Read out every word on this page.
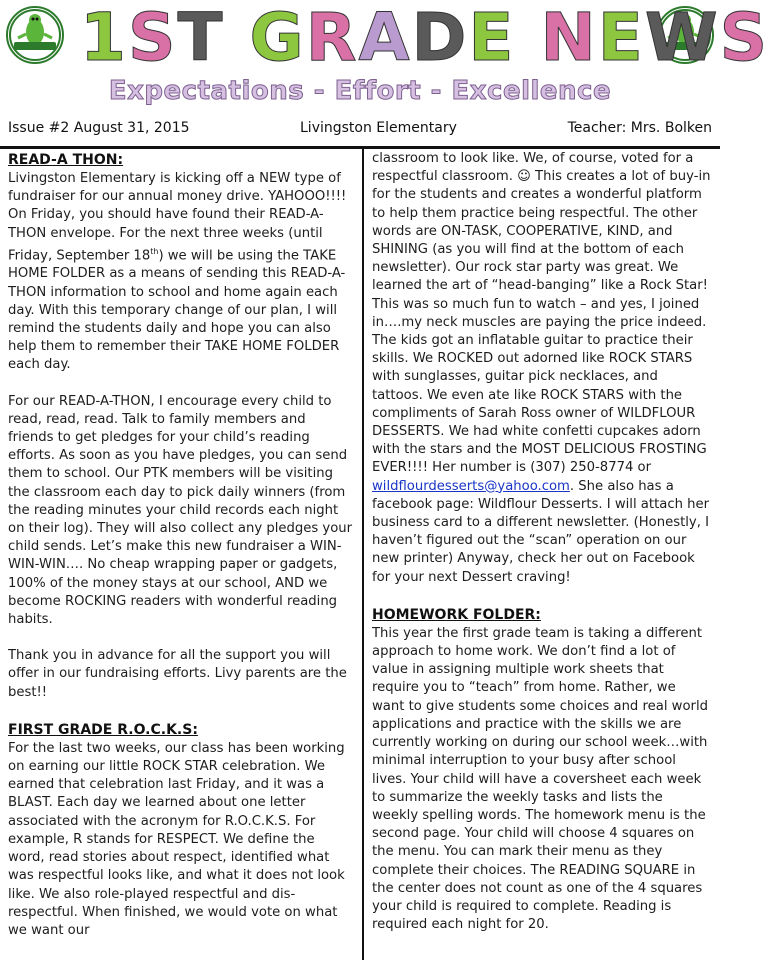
1ST GRADE NEWS
Expectations - Effort - Excellence
Issue #2 August 31, 2015	Livingston Elementary	Teacher: Mrs. Bolken
READ-A THON:

Livingston Elementary is kicking off a NEW type of fundraiser for our annual money drive. YAHOOO!!!! On Friday, you should have found their READ-A-THON envelope. For the next three weeks (until Friday, September 18th) we will be using the TAKE HOME FOLDER as a means of sending this READ-A-THON information to school and home again each day. With this temporary change of our plan, I will remind the students daily and hope you can also help them to remember their TAKE HOME FOLDER each day.

For our READ-A-THON, I encourage every child to read, read, read. Talk to family members and friends to get pledges for your child’s reading efforts. As soon as you have pledges, you can send them to school. Our PTK members will be visiting the classroom each day to pick daily winners (from the reading minutes your child records each night on their log). They will also collect any pledges your child sends. Let’s make this new fundraiser a WIN-WIN-WIN…. No cheap wrapping paper or gadgets, 100% of the money stays at our school, AND we become ROCKING readers with wonderful reading habits.

Thank you in advance for all the support you will offer in our fundraising efforts. Livy parents are the best!!

FIRST GRADE R.O.C.K.S:

For the last two weeks, our class has been working on earning our little ROCK STAR celebration. We earned that celebration last Friday, and it was a BLAST. Each day we learned about one letter associated with the acronym for R.O.C.K.S. For example, R stands for RESPECT. We define the word, read stories about respect, identified what was respectful looks like, and what it does not look like. We also role-played respectful and dis-respectful. When finished, we would vote on what we want our

classroom to look like. We, of course, voted for a respectful classroom. ☺ This creates a lot of buy-in for the students and creates a wonderful platform to help them practice being respectful. The other words are ON-TASK, COOPERATIVE, KIND, and SHINING (as you will find at the bottom of each newsletter). Our rock star party was great. We learned the art of “head-banging” like a Rock Star! This was so much fun to watch – and yes, I joined in….my neck muscles are paying the price indeed. The kids got an inflatable guitar to practice their skills. We ROCKED out adorned like ROCK STARS with sunglasses, guitar pick necklaces, and tattoos. We even ate like ROCK STARS with the compliments of Sarah Ross owner of WILDFLOUR DESSERTS. We had white confetti cupcakes adorn with the stars and the MOST DELICIOUS FROSTING EVER!!!! Her number is (307) 250-8774 or wildflourdesserts@yahoo.com. She also has a facebook page: Wildflour Desserts. I will attach her business card to a different newsletter. (Honestly, I haven’t figured out the “scan” operation on our new printer) Anyway, check her out on Facebook for your next Dessert craving!

HOMEWORK FOLDER:

This year the first grade team is taking a different approach to home work. We don’t find a lot of value in assigning multiple work sheets that require you to “teach” from home. Rather, we want to give students some choices and real world applications and practice with the skills we are currently working on during our school week…with minimal interruption to your busy after school lives. Your child will have a coversheet each week to summarize the weekly tasks and lists the weekly spelling words. The homework menu is the second page. Your child will choose 4 squares on the menu. You can mark their menu as they complete their choices. The READING SQUARE in the center does not count as one of the 4 squares your child is required to complete. Reading is required each night for 20.
